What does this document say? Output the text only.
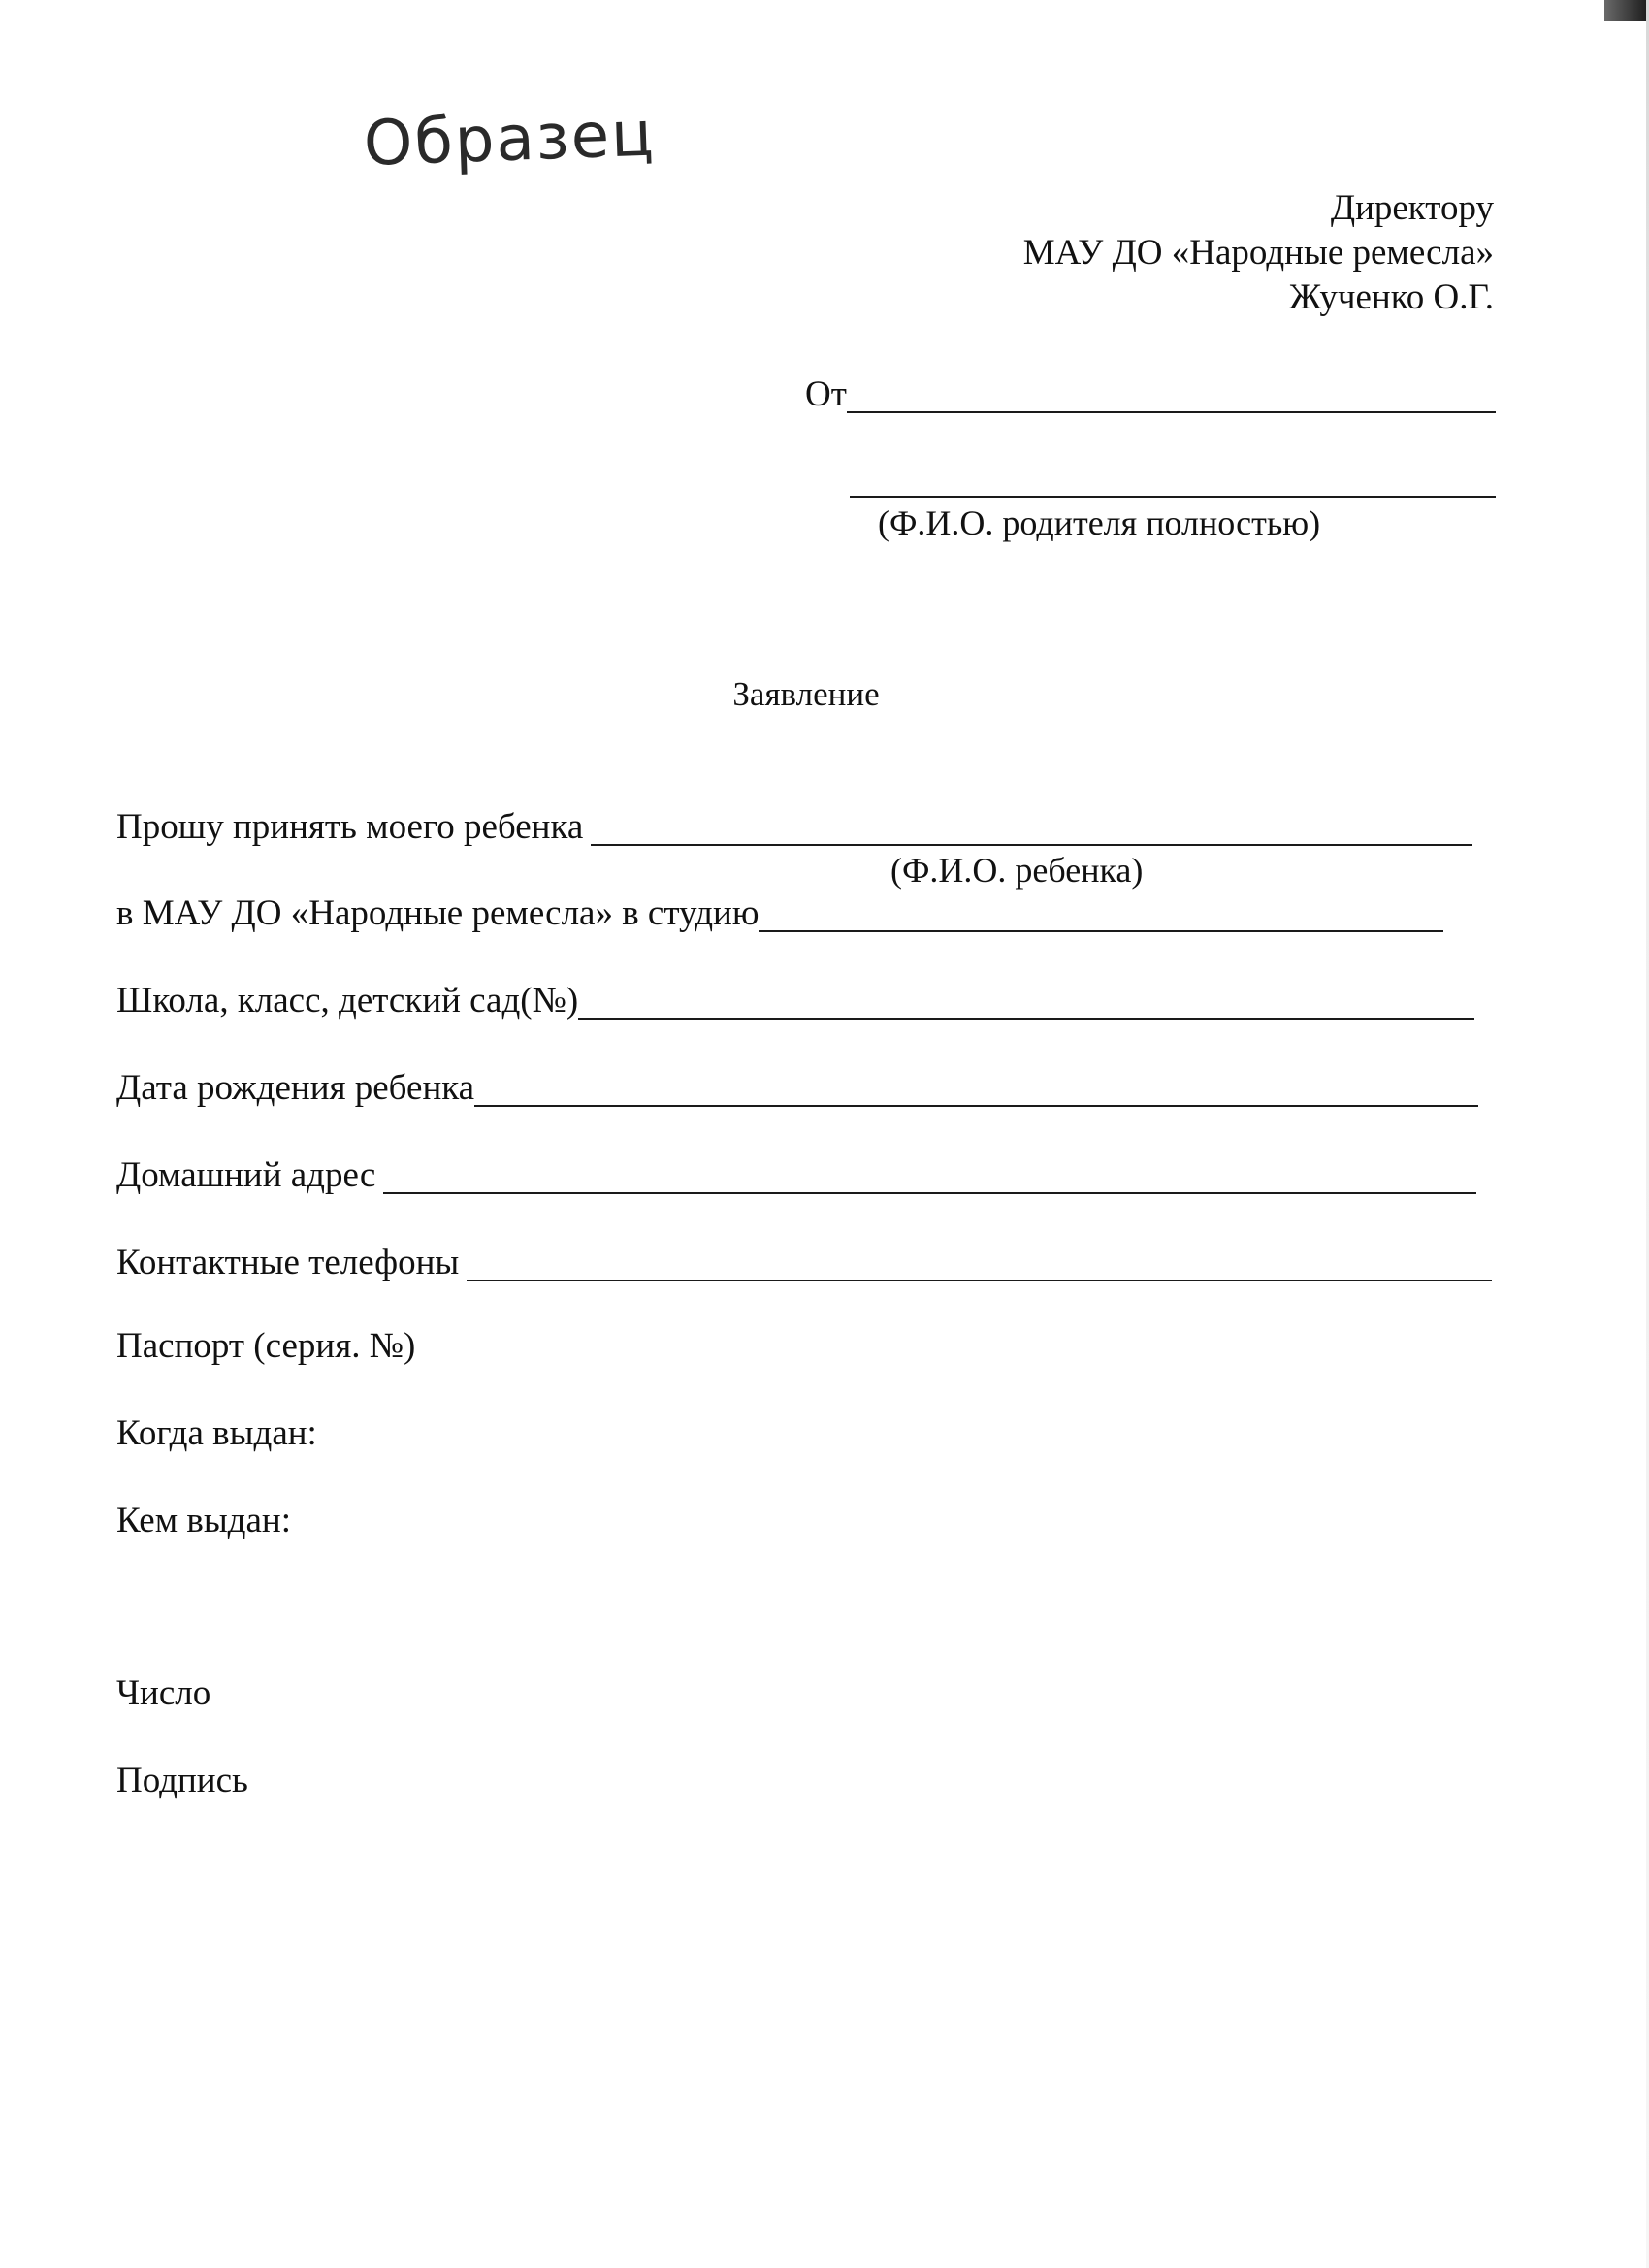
Образец
Директору
МАУ ДО «Народные ремесла»
Жученко О.Г.
От
(Ф.И.О. родителя полностью)
Заявление
Прошу принять моего ребенка
(Ф.И.О. ребенка)
в МАУ ДО «Народные ремесла» в студию
Школа, класс, детский сад(№)
Дата рождения ребенка
Домашний адрес
Контактные телефоны
Паспорт (серия. №)
Когда выдан:
Кем выдан:
Число
Подпись
